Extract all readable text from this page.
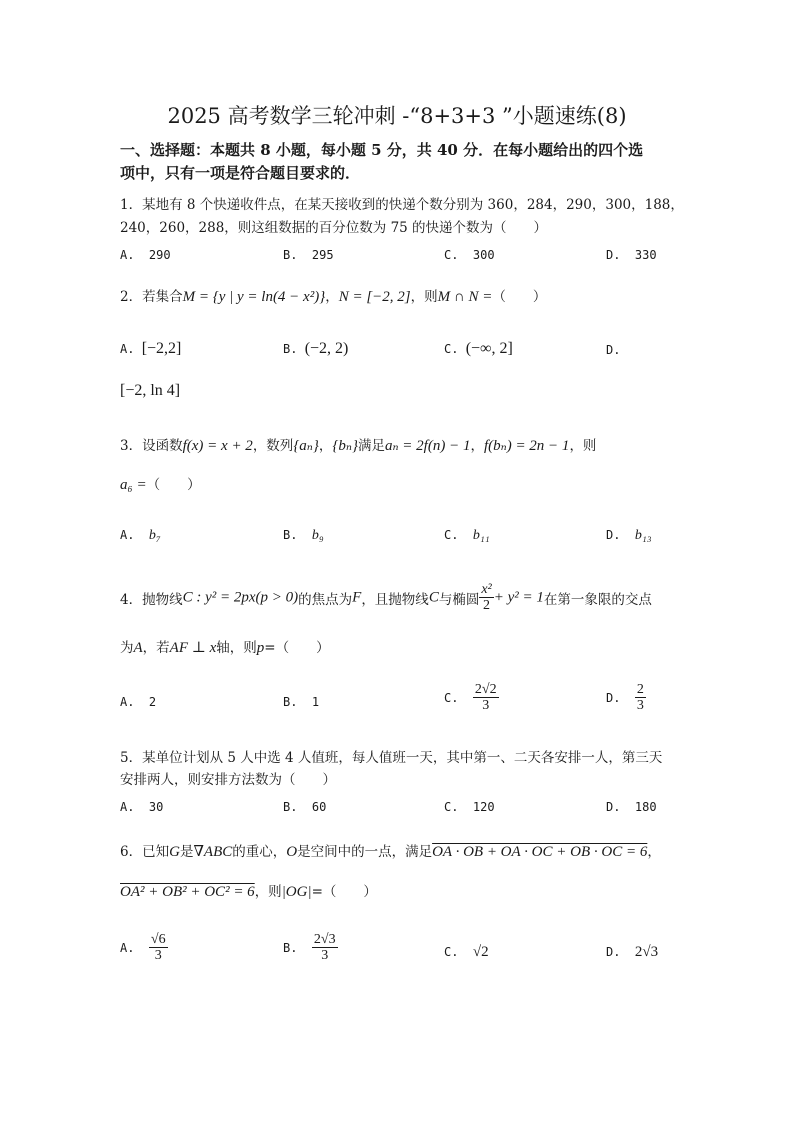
2025 高考数学三轮冲刺 -“8+3+3 ”小题速练(8)
一、选择题：本题共 8 小题，每小题 5 分，共 40 分．在每小题给出的四个选
项中，只有一项是符合题目要求的．
1．某地有 8 个快递收件点，在某天接收到的快递个数分别为 360，284，290，300，188，
240，260，288，则这组数据的百分位数为 75 的快递个数为（　　）
A. 290	B. 295	C. 300	D. 330
2．若集合M = {y | y = ln(4 − x²)}，N = [−2, 2]，则M ∩ N =（　　）
A. [−2,2]	B. (−2, 2)	C. (−∞, 2]	D.
[−2, ln 4]
3．设函数f(x) = x + 2，数列{aₙ}，{bₙ}满足aₙ = 2f(n) − 1，f(bₙ) = 2n − 1，则
a₆ =（　　）
A. b₇	B. b₉	C. b₁₁	D. b₁₃
4．抛物线C : y² = 2px(p > 0)的焦点为F，且抛物线C与椭圆 $\frac{\text{x²}}{2} + y^2 = 1$在第一象限的交点
为A，若AF ⊥ x轴，则p=（　　）
A. 2	B. 1	C. $\frac{2√2}{3}$	D. $\frac{2}{3}$
5．某单位计划从 5 人中选 4 人值班，每人值班一天，其中第一、二天各安排一人，第三天
安排两人，则安排方法数为（　　）
A. 30	B. 60	C. 120	D. 180
6．已知G是∇ABC的重心，O是空间中的一点，满足OA · OB + OA · OC + OB · OC = 6，
OA² + OB² + OC² = 6，则|OG|=（　　）
A. $\frac{√6}{3}$	B. $\frac{2√3}{3}$	C. √2	D. 2√3
